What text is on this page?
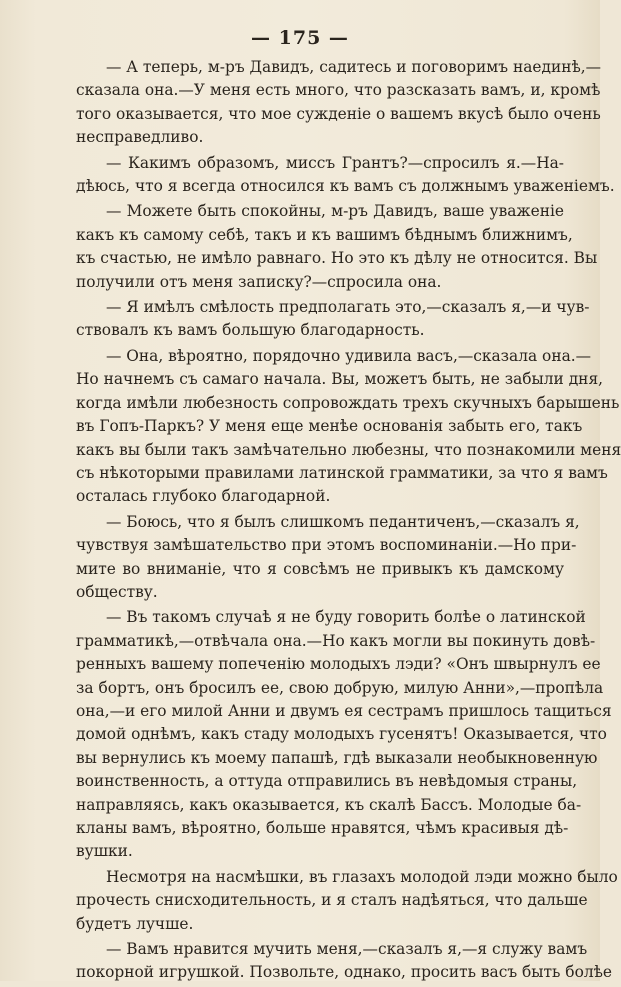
— 175 —
— А теперь, м-ръ Давидъ, садитесь и поговоримъ наединѣ,—
сказала она.—У меня есть много, что разсказать вамъ, и, кромѣ
того оказывается, что мое сужденіе о вашемъ вкусѣ было очень
несправедливо.
— Какимъ образомъ, миссъ Грантъ?—спросилъ я.—На-
дѣюсь, что я всегда относился къ вамъ съ должнымъ уваженіемъ.
— Можете быть спокойны, м-ръ Давидъ, ваше уваженіе
какъ къ самому себѣ, такъ и къ вашимъ бѣднымъ ближнимъ,
къ счастью, не имѣло равнаго. Но это къ дѣлу не относится. Вы
получили отъ меня записку?—спросила она.
— Я имѣлъ смѣлость предполагать это,—сказалъ я,—и чув-
ствовалъ къ вамъ большую благодарность.
— Она, вѣроятно, порядочно удивила васъ,—сказала она.—
Но начнемъ съ самаго начала. Вы, можетъ быть, не забыли дня,
когда имѣли любезность сопровождать трехъ скучныхъ барышень
въ Гопъ-Паркъ? У меня еще менѣе основанія забыть его, такъ
какъ вы были такъ замѣчательно любезны, что познакомили меня
съ нѣкоторыми правилами латинской грамматики, за что я вамъ
осталась глубоко благодарной.
— Боюсь, что я былъ слишкомъ педантиченъ,—сказалъ я,
чувствуя замѣшательство при этомъ воспоминаніи.—Но при-
мите во вниманіе, что я совсѣмъ не привыкъ къ дамскому
обществу.
— Въ такомъ случаѣ я не буду говорить болѣе о латинской
грамматикѣ,—отвѣчала она.—Но какъ могли вы покинуть довѣ-
ренныхъ вашему попеченію молодыхъ лэди? «Онъ швырнулъ ее
за бортъ, онъ бросилъ ее, свою добрую, милую Анни»,—пропѣла
она,—и его милой Анни и двумъ ея сестрамъ пришлось тащиться
домой однѣмъ, какъ стаду молодыхъ гусенятъ! Оказывается, что
вы вернулись къ моему папашѣ, гдѣ выказали необыкновенную
воинственность, а оттуда отправились въ невѣдомыя страны,
направляясь, какъ оказывается, къ скалѣ Бассъ. Молодые ба-
кланы вамъ, вѣроятно, больше нравятся, чѣмъ красивыя дѣ-
вушки.
Несмотря на насмѣшки, въ глазахъ молодой лэди можно было
прочесть снисходительность, и я сталъ надѣяться, что дальше
будетъ лучше.
— Вамъ нравится мучить меня,—сказалъ я,—я служу вамъ
покорной игрушкой. Позвольте, однако, просить васъ быть болѣе
